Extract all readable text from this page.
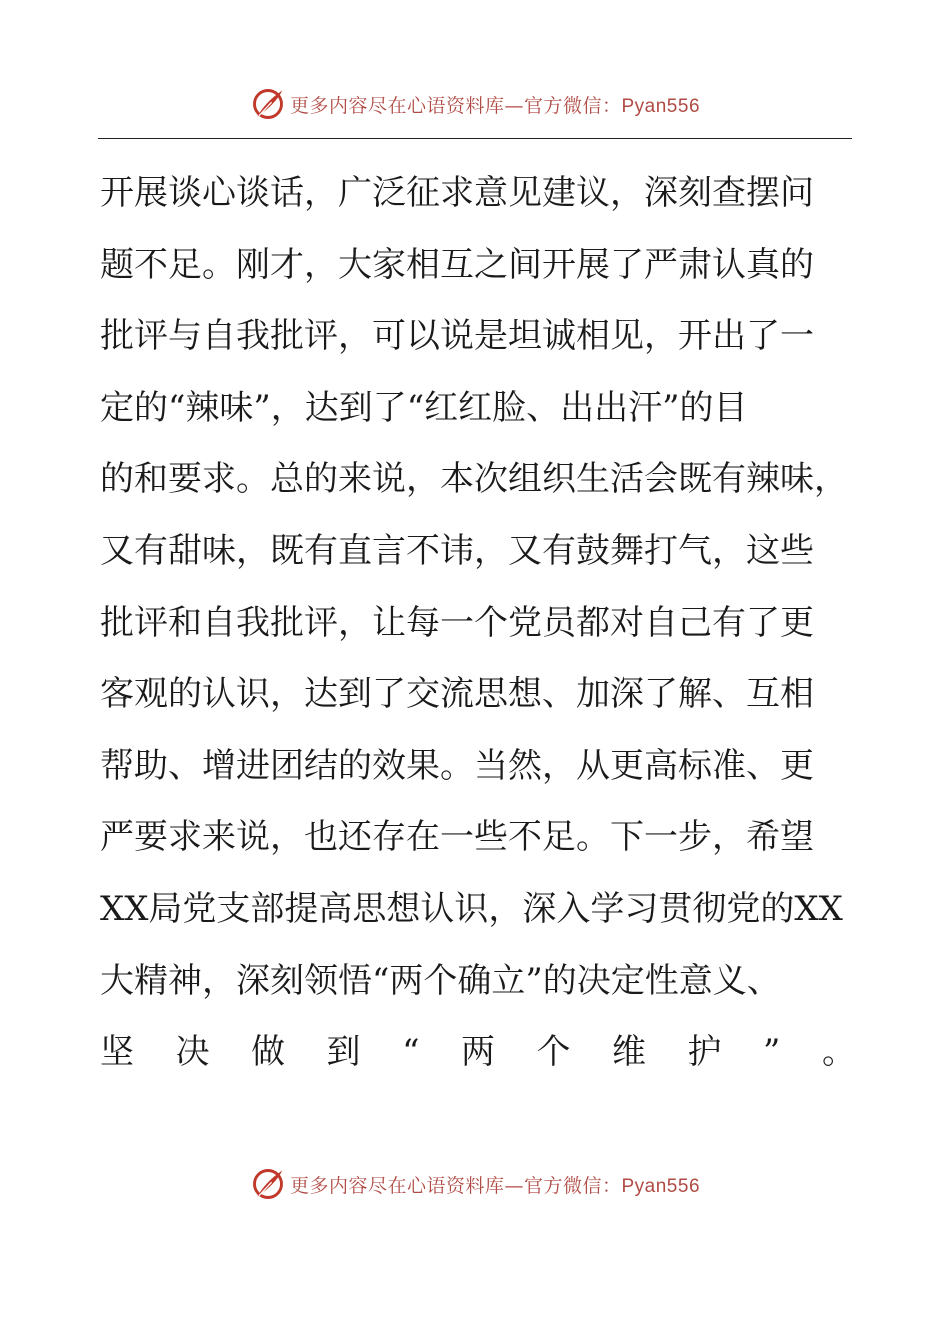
更多内容尽在心语资料库—官方微信：Pyan556
开展谈心谈话，广泛征求意见建议，深刻查摆问
题不足。刚才，大家相互之间开展了严肃认真的
批评与自我批评，可以说是坦诚相见，开出了一
定的“辣味”，达到了“红红脸、出出汗”的目
的和要求。总的来说，本次组织生活会既有辣味，
又有甜味，既有直言不讳，又有鼓舞打气，这些
批评和自我批评，让每一个党员都对自己有了更
客观的认识，达到了交流思想、加深了解、互相
帮助、增进团结的效果。当然，从更高标准、更
严要求来说，也还存在一些不足。下一步，希望
XX局党支部提高思想认识，深入学习贯彻党的XX
大精神，深刻领悟“两个确立”的决定性意义、
坚 决 做 到 “ 两 个 维 护 ” 。
更多内容尽在心语资料库—官方微信：Pyan556
